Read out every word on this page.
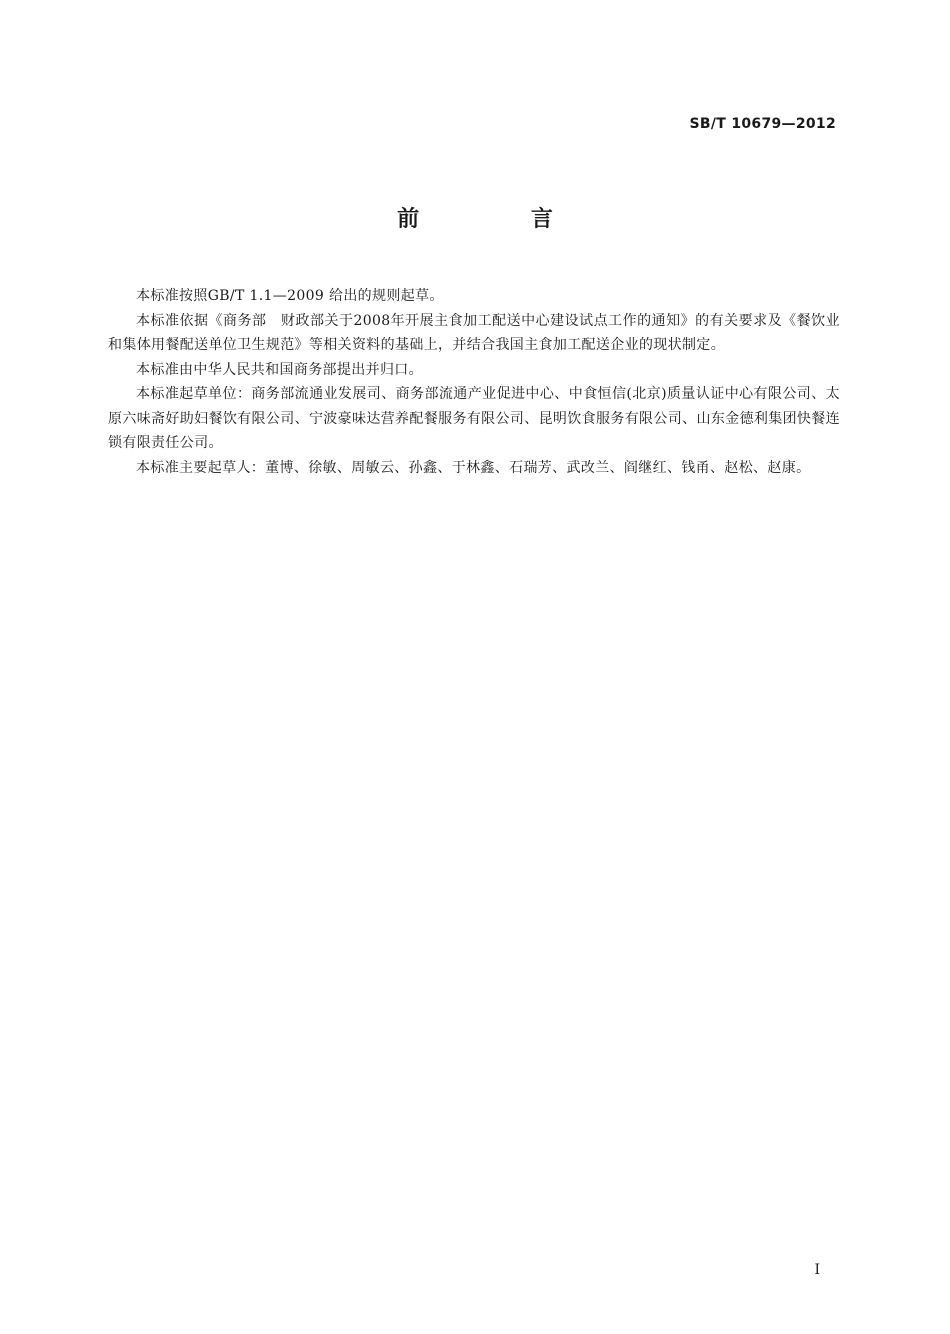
SB/T 10679—2012
前 言

本标准按照GB/T 1.1—2009 给出的规则起草。

本标准依据《商务部　财政部关于2008年开展主食加工配送中心建设试点工作的通知》的有关要求及《餐饮业和集体用餐配送单位卫生规范》等相关资料的基础上，并结合我国主食加工配送企业的现状制定。

本标准由中华人民共和国商务部提出并归口。

本标准起草单位：商务部流通业发展司、商务部流通产业促进中心、中食恒信(北京)质量认证中心有限公司、太原六味斋好助妇餐饮有限公司、宁波豪味达营养配餐服务有限公司、昆明饮食服务有限公司、山东金德利集团快餐连锁有限责任公司。

本标准主要起草人：董博、徐敏、周敏云、孙鑫、于林鑫、石瑞芳、武改兰、阎继红、钱甬、赵松、赵康。

I
